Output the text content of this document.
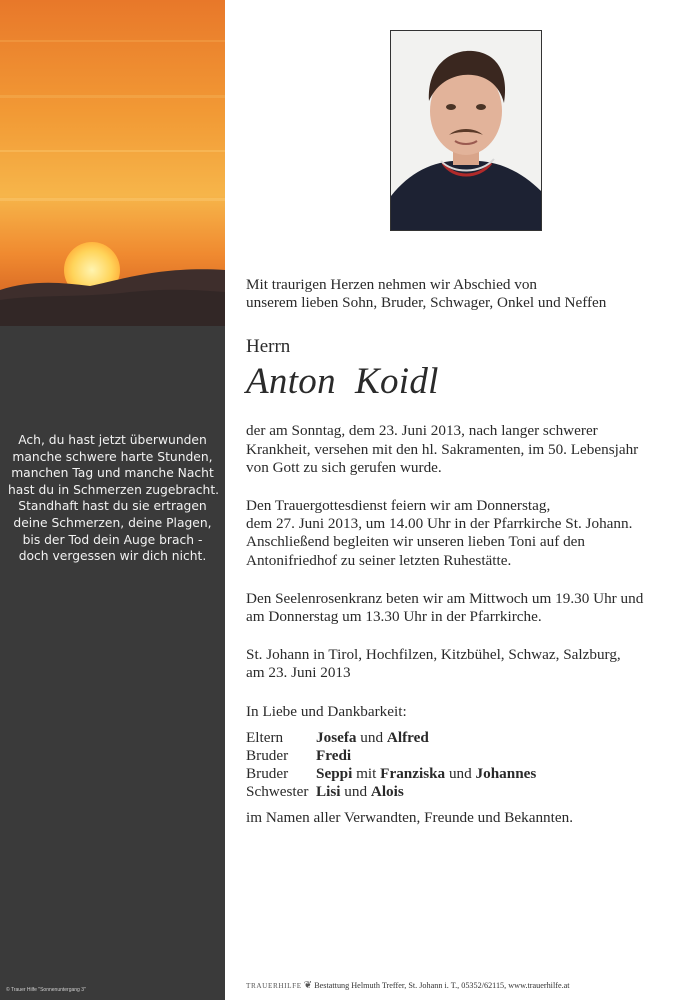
Ach, du hast jetzt überwunden
manche schwere harte Stunden,
manchen Tag und manche Nacht
hast du in Schmerzen zugebracht.
Standhaft hast du sie ertragen
deine Schmerzen, deine Plagen,
bis der Tod dein Auge brach -
doch vergessen wir dich nicht.
© Trauer Hilfe "Sonnenuntergang 3"

Mit traurigen Herzen nehmen wir Abschied von
unserem lieben Sohn, Bruder, Schwager, Onkel und Neffen

Herrn

Anton  Koidl

der am Sonntag, dem 23. Juni 2013, nach langer schwerer
Krankheit, versehen mit den hl. Sakramenten, im 50. Lebensjahr
von Gott zu sich gerufen wurde.

Den Trauergottesdienst feiern wir am Donnerstag,
dem 27. Juni 2013, um 14.00 Uhr in der Pfarrkirche St. Johann.
Anschließend begleiten wir unseren lieben Toni auf den
Antonifriedhof zu seiner letzten Ruhestätte.

Den Seelenrosenkranz beten wir am Mittwoch um 19.30 Uhr und
am Donnerstag um 13.30 Uhr in der Pfarrkirche.

St. Johann in Tirol, Hochfilzen, Kitzbühel, Schwaz, Salzburg,
am 23. Juni 2013

In Liebe und Dankbarkeit:

Eltern	Josefa und Alfred
Bruder	Fredi
Bruder	Seppi mit Franziska und Johannes
Schwester	Lisi und Alois

im Namen aller Verwandten, Freunde und Bekannten.

TRAUERHILFE ❦ Bestattung Helmuth Treffer, St. Johann i. T., 05352/62115, www.trauerhilfe.at
